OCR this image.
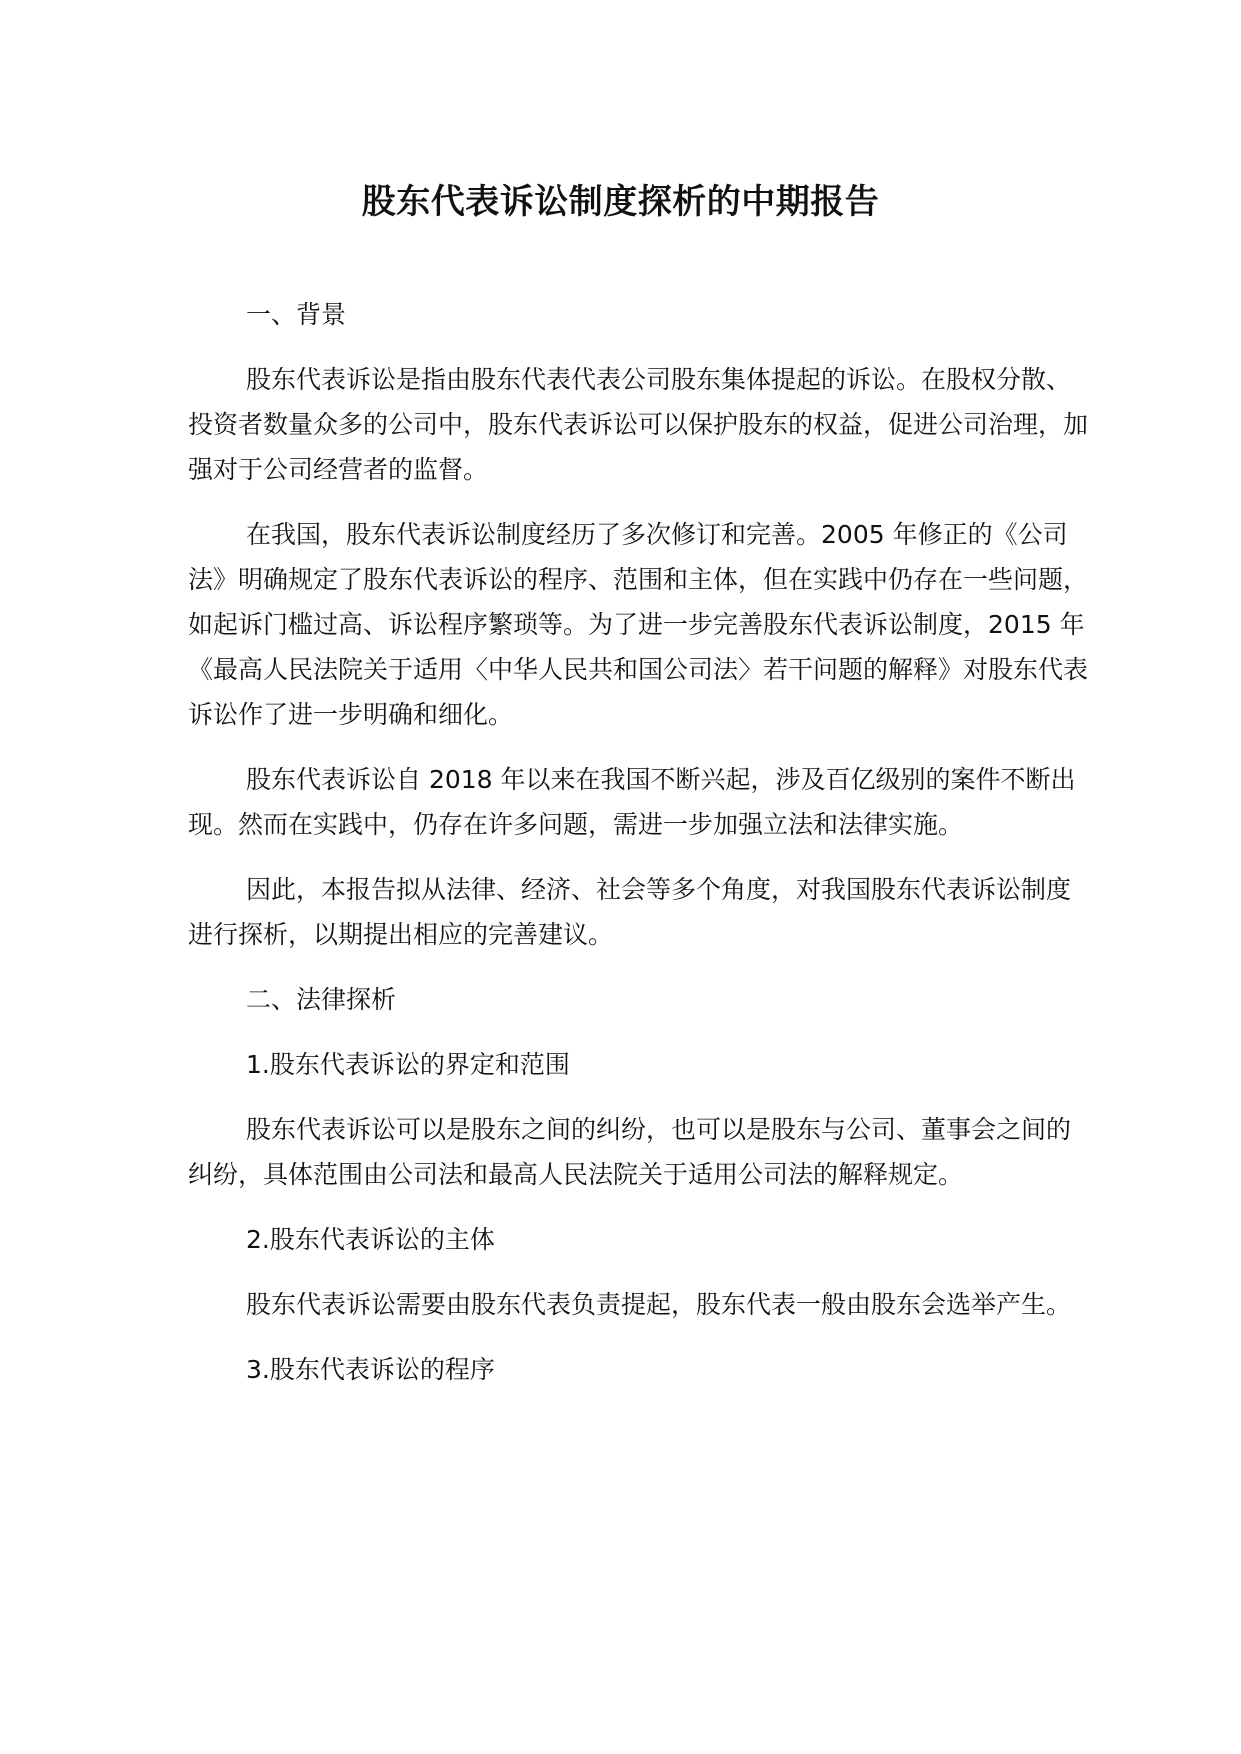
股东代表诉讼制度探析的中期报告

一、背景

股东代表诉讼是指由股东代表代表公司股东集体提起的诉讼。在股权分散、投资者数量众多的公司中，股东代表诉讼可以保护股东的权益，促进公司治理，加强对于公司经营者的监督。

在我国，股东代表诉讼制度经历了多次修订和完善。2005 年修正的《公司法》明确规定了股东代表诉讼的程序、范围和主体，但在实践中仍存在一些问题，如起诉门槛过高、诉讼程序繁琐等。为了进一步完善股东代表诉讼制度，2015 年《最高人民法院关于适用〈中华人民共和国公司法〉若干问题的解释》对股东代表诉讼作了进一步明确和细化。

股东代表诉讼自 2018 年以来在我国不断兴起，涉及百亿级别的案件不断出现。然而在实践中，仍存在许多问题，需进一步加强立法和法律实施。

因此，本报告拟从法律、经济、社会等多个角度，对我国股东代表诉讼制度进行探析，以期提出相应的完善建议。

二、法律探析

1.股东代表诉讼的界定和范围

股东代表诉讼可以是股东之间的纠纷，也可以是股东与公司、董事会之间的纠纷，具体范围由公司法和最高人民法院关于适用公司法的解释规定。

2.股东代表诉讼的主体

股东代表诉讼需要由股东代表负责提起，股东代表一般由股东会选举产生。

3.股东代表诉讼的程序
